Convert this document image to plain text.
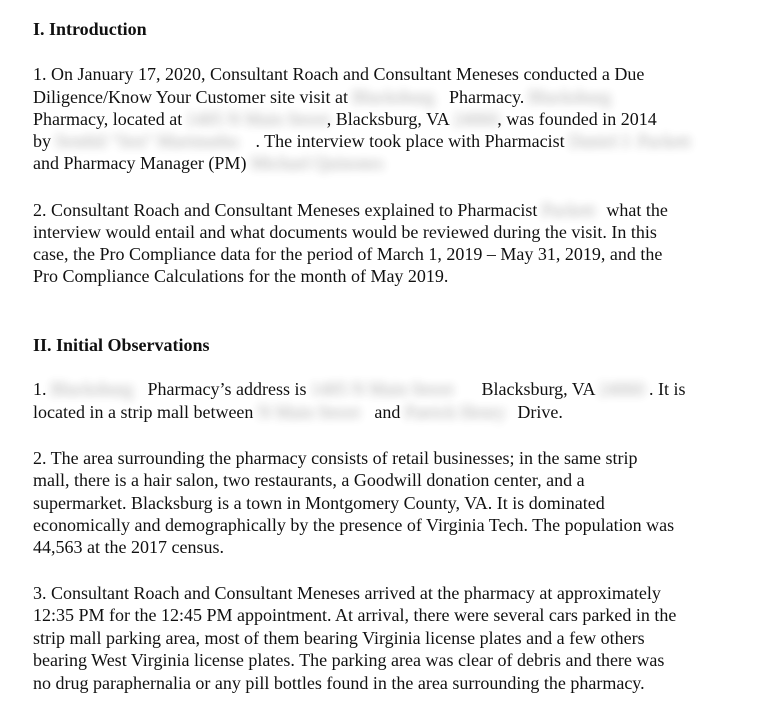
I. Introduction
1. On January 17, 2020, Consultant Roach and Consultant Meneses conducted a Due
Diligence/Know Your Customer site visit at Blacksburg Pharmacy. Blacksburg
Pharmacy, located at 1405 N Main Street, Blacksburg, VA 24060, was founded in 2014
by Senthil "Sen" Marimuthu . The interview took place with Pharmacist Daniel J. Packett
and Pharmacy Manager (PM) Michael Quinones
2. Consultant Roach and Consultant Meneses explained to Pharmacist Packett what the
interview would entail and what documents would be reviewed during the visit. In this
case, the Pro Compliance data for the period of March 1, 2019 – May 31, 2019, and the
Pro Compliance Calculations for the month of May 2019.
II. Initial Observations
1. Blacksburg Pharmacy’s address is 1405 N Main Street Blacksburg, VA 24060 . It is
located in a strip mall between N Main Street and Patrick Henry Drive.
2. The area surrounding the pharmacy consists of retail businesses; in the same strip
mall, there is a hair salon, two restaurants, a Goodwill donation center, and a
supermarket. Blacksburg is a town in Montgomery County, VA. It is dominated
economically and demographically by the presence of Virginia Tech. The population was
44,563 at the 2017 census.
3. Consultant Roach and Consultant Meneses arrived at the pharmacy at approximately
12:35 PM for the 12:45 PM appointment. At arrival, there were several cars parked in the
strip mall parking area, most of them bearing Virginia license plates and a few others
bearing West Virginia license plates. The parking area was clear of debris and there was
no drug paraphernalia or any pill bottles found in the area surrounding the pharmacy.
